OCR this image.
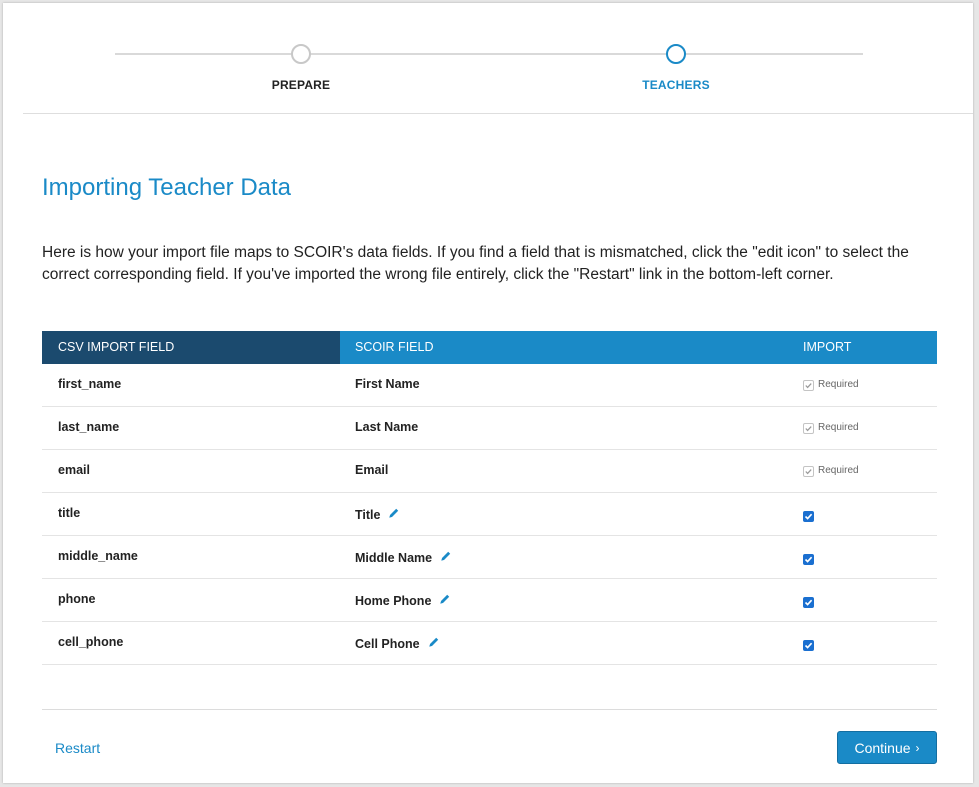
PREPARE	TEACHERS
Importing Teacher Data

Here is how your import file maps to SCOIR's data fields. If you find a field that is mismatched, click the "edit icon" to select the correct corresponding field. If you've imported the wrong file entirely, click the "Restart" link in the bottom-left corner.

CSV IMPORT FIELD	SCOIR FIELD	IMPORT
first_name	First Name	Required
last_name	Last Name	Required
email	Email	Required
title	Title
middle_name	Middle Name
phone	Home Phone
cell_phone	Cell Phone
Restart	Continue ›
